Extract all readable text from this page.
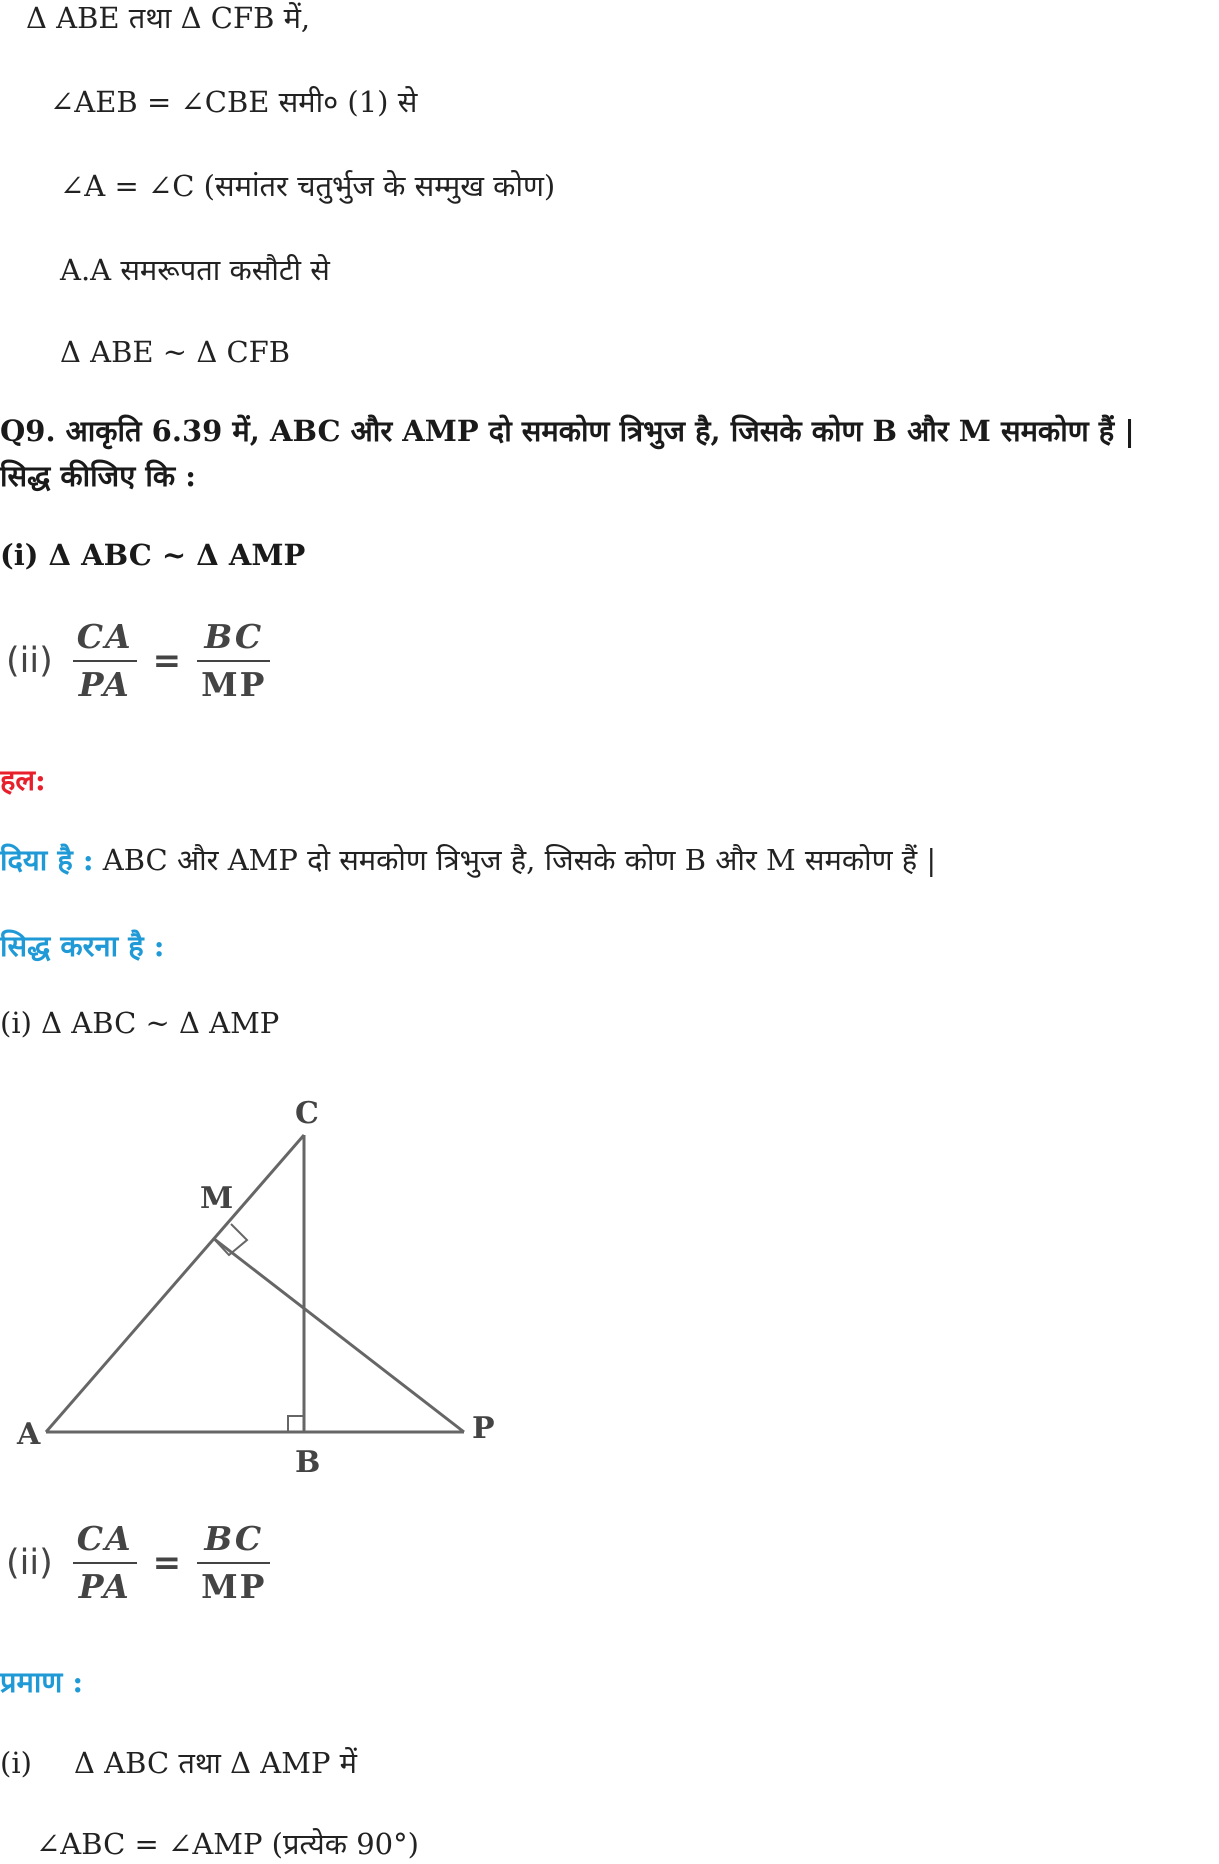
Δ ABE तथा Δ CFB में,
∠AEB = ∠CBE समी० (1) से
∠A = ∠C (समांतर चतुर्भुज के सम्मुख कोण)
A.A समरूपता कसौटी से
Δ ABE ~ Δ CFB
Q9. आकृति 6.39 में, ABC और AMP दो समकोण त्रिभुज है, जिसके कोण B और M समकोण हैं |
सिद्ध कीजिए कि :
(i) Δ ABC ~ Δ AMP
$(ii) \frac{CA}{PA} = \frac{BC}{MP}$
हल:
दिया है : ABC और AMP दो समकोण त्रिभुज है, जिसके कोण B और M समकोण हैं |
सिद्ध करना है :
(i) Δ ABC ~ Δ AMP
A
B
C
M
P
$(ii) \frac{CA}{PA} = \frac{BC}{MP}$
प्रमाण :
(i) Δ ABC तथा Δ AMP में
∠ABC = ∠AMP (प्रत्येक 90°)
